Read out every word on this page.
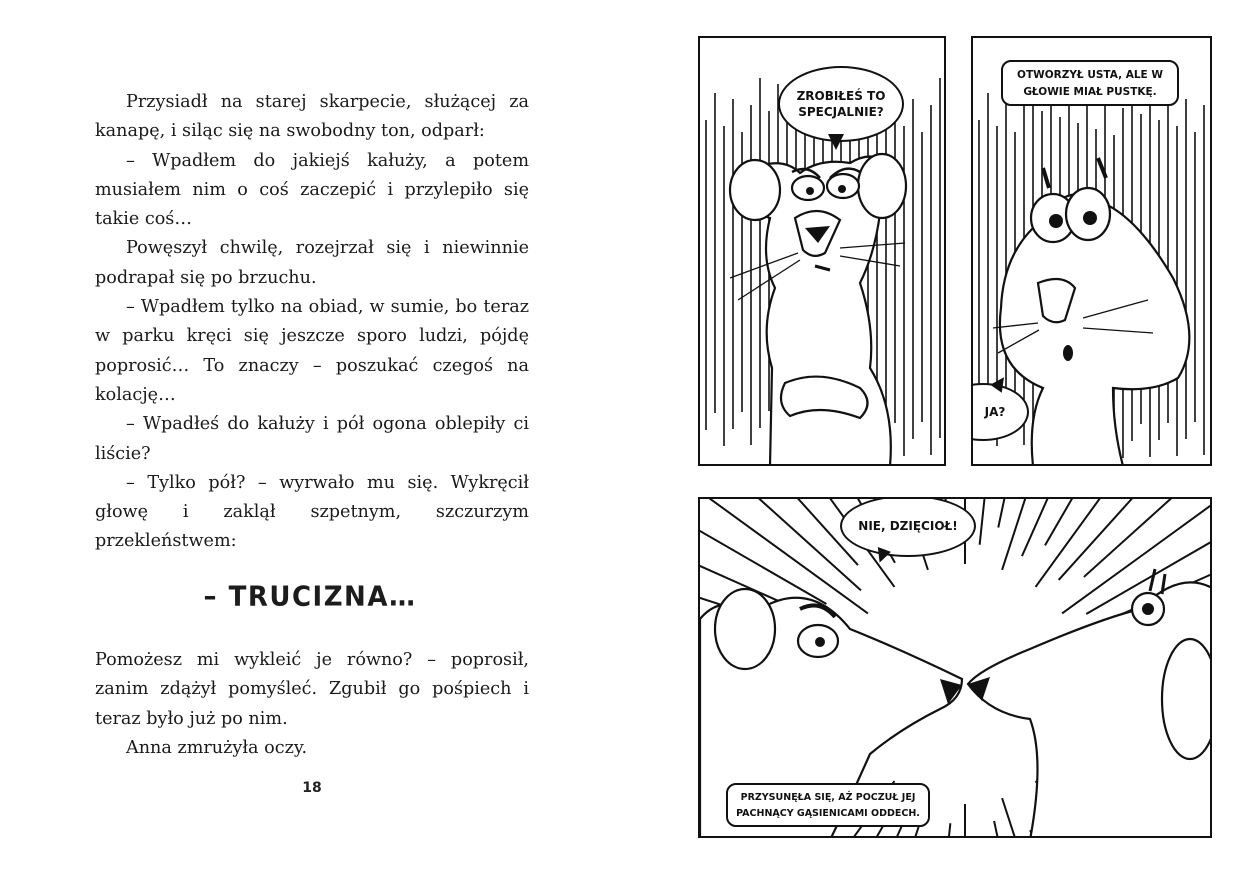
Przysiadł na starej skarpecie, służącej za kanapę, i siląc się na swobodny ton, odparł:

– Wpadłem do jakiejś kałuży, a potem musiałem nim o coś zaczepić i przylepiło się takie coś…

Powęszył chwilę, rozejrzał się i niewinnie podrapał się po brzuchu.

– Wpadłem tylko na obiad, w sumie, bo teraz w parku kręci się jeszcze sporo ludzi, pójdę poprosić… To znaczy – poszukać czegoś na kolację…

– Wpadłeś do kałuży i pół ogona oblepiły ci liście?

– Tylko pół? – wyrwało mu się. Wykręcił głowę i zaklął szpetnym, szczurzym przekleństwem:

– TRUCIZNA…

Pomożesz mi wykleić je równo? – poprosił, zanim zdążył pomyśleć. Zgubił go pośpiech i teraz było już po nim.

Anna zmrużyła oczy.

18
ZROBIŁEŚ TO SPECJALNIE?
OTWORZYŁ USTA, ALE W GŁOWIE MIAŁ PUSTKĘ.
JA?
NIE, DZIĘCIOŁ!
PRZYSUNĘŁA SIĘ, AŻ POCZUŁ JEJ PACHNĄCY GĄSIENICAMI ODDECH.
